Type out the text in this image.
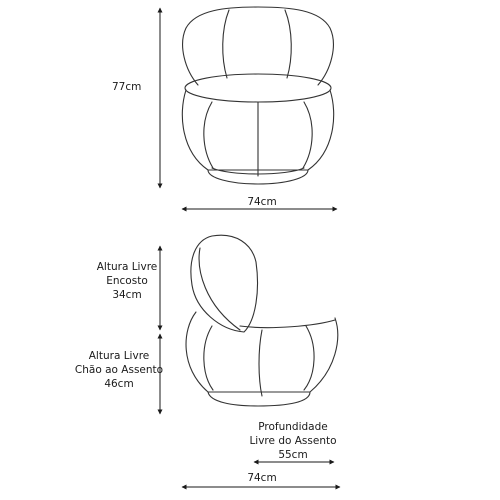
77cm
74cm
Altura Livre
Encosto
34cm
Altura Livre
Chão ao Assento
46cm
Profundidade
Livre do Assento
55cm
74cm
